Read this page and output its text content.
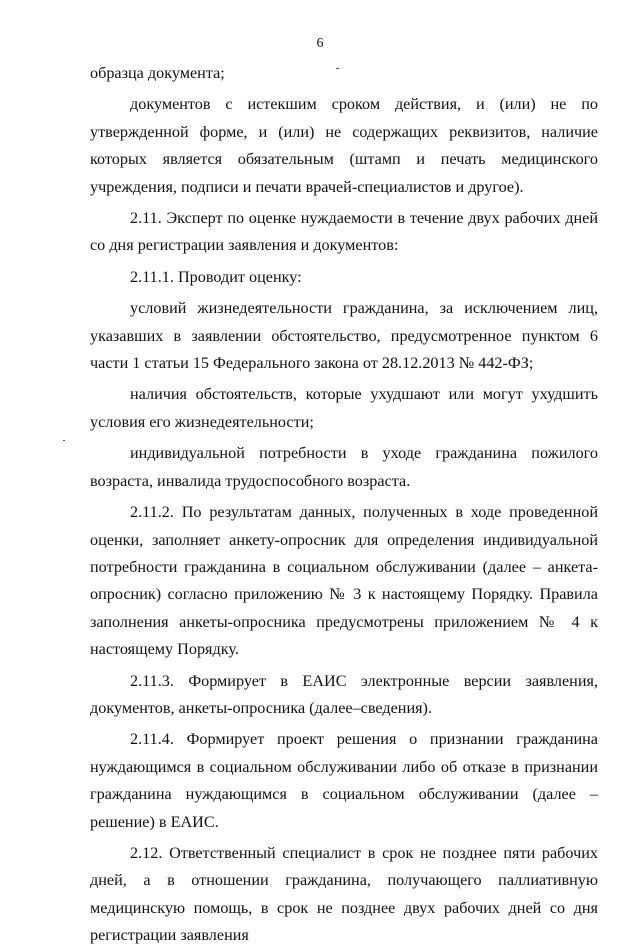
6

образца документа;

документов с истекшим сроком действия, и (или) не по утвержденной форме, и (или) не содержащих реквизитов, наличие которых является обязательным (штамп и печать медицинского учреждения, подписи и печати врачей-специалистов и другое).

2.11. Эксперт по оценке нуждаемости в течение двух рабочих дней со дня регистрации заявления и документов:

2.11.1. Проводит оценку:

условий жизнедеятельности гражданина, за исключением лиц, указавших в заявлении обстоятельство, предусмотренное пунктом 6 части 1 статьи 15 Федерального закона от 28.12.2013 № 442-ФЗ;

наличия обстоятельств, которые ухудшают или могут ухудшить условия его жизнедеятельности;

индивидуальной потребности в уходе гражданина пожилого возраста, инвалида трудоспособного возраста.

2.11.2. По результатам данных, полученных в ходе проведенной оценки, заполняет анкету-опросник для определения индивидуальной потребности гражданина в социальном обслуживании (далее – анкета-опросник) согласно приложению № 3 к настоящему Порядку. Правила заполнения анкеты-опросника предусмотрены приложением № 4 к настоящему Порядку.

2.11.3. Формирует в ЕАИС электронные версии заявления, документов, анкеты-опросника (далее–сведения).

2.11.4. Формирует проект решения о признании гражданина нуждающимся в социальном обслуживании либо об отказе в признании гражданина нуждающимся в социальном обслуживании (далее – решение) в ЕАИС.

2.12. Ответственный специалист в срок не позднее пяти рабочих дней, а в отношении гражданина, получающего паллиативную медицинскую помощь, в срок не позднее двух рабочих дней со дня регистрации заявления
